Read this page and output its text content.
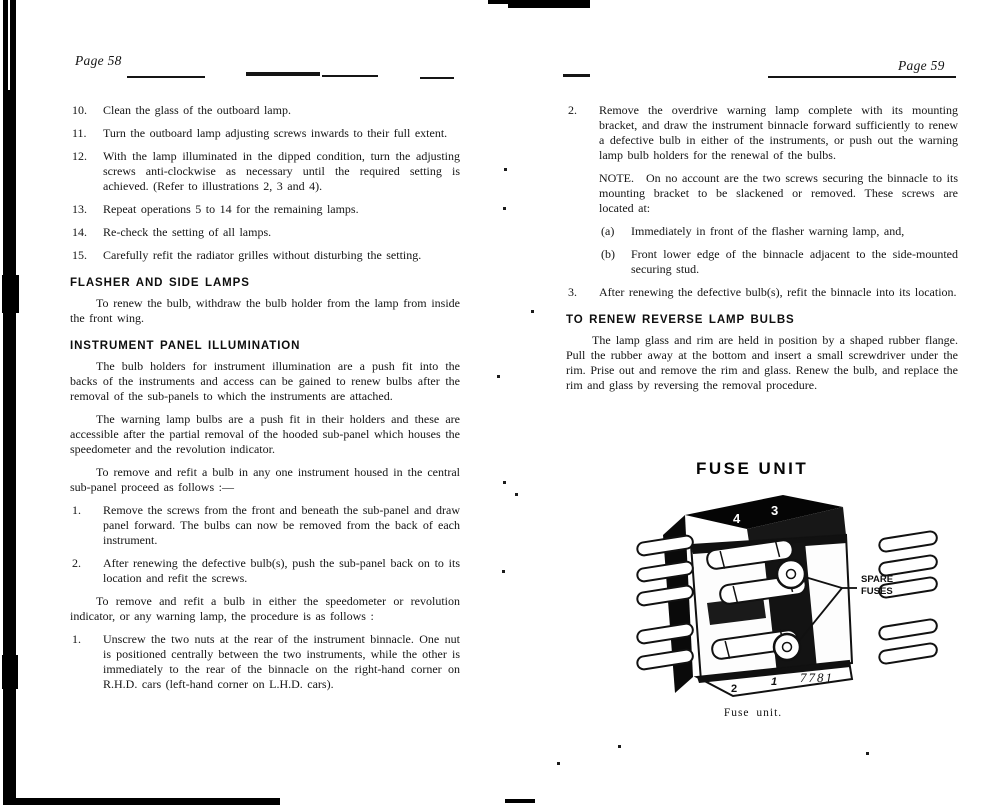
Page 58	Page 59
10. Clean the glass of the outboard lamp.
11. Turn the outboard lamp adjusting screws inwards to their full extent.
12. With the lamp illuminated in the dipped condition, turn the adjusting screws anti-clockwise as necessary until the required setting is achieved. (Refer to illustrations 2, 3 and 4).
13. Repeat operations 5 to 14 for the remaining lamps.
14. Re-check the setting of all lamps.
15. Carefully refit the radiator grilles without disturbing the setting.
FLASHER AND SIDE LAMPS
To renew the bulb, withdraw the bulb holder from the lamp from inside the front wing.
INSTRUMENT PANEL ILLUMINATION
The bulb holders for instrument illumination are a push fit into the backs of the instruments and access can be gained to renew bulbs after the removal of the sub-panels to which the instruments are attached.
The warning lamp bulbs are a push fit in their holders and these are accessible after the partial removal of the hooded sub-panel which houses the speedometer and the revolution indicator.
To remove and refit a bulb in any one instrument housed in the central sub-panel proceed as follows :—
1. Remove the screws from the front and beneath the sub-panel and draw panel forward. The bulbs can now be removed from the back of each instrument.
2. After renewing the defective bulb(s), push the sub-panel back on to its location and refit the screws.
To remove and refit a bulb in either the speedometer or revolution indicator, or any warning lamp, the procedure is as follows :
1. Unscrew the two nuts at the rear of the instrument binnacle. One nut is positioned centrally between the two instruments, while the other is immediately to the rear of the binnacle on the right-hand corner on R.H.D. cars (left-hand corner on L.H.D. cars).
2. Remove the overdrive warning lamp complete with its mounting bracket, and draw the instrument binnacle forward sufficiently to renew a defective bulb in either of the instruments, or push out the warning lamp bulb holders for the renewal of the bulbs.
NOTE.  On no account are the two screws securing the binnacle to its mounting bracket to be slackened or removed. These screws are located at:
(a) Immediately in front of the flasher warning lamp, and,
(b) Front lower edge of the binnacle adjacent to the side-mounted securing stud.
3. After renewing the defective bulb(s), refit the binnacle into its location.
TO RENEW REVERSE LAMP BULBS
The lamp glass and rim are held in position by a shaped rubber flange. Pull the rubber away at the bottom and insert a small screwdriver under the rim. Prise out and remove the rim and glass. Renew the bulb, and replace the rim and glass by reversing the removal procedure.
FUSE UNIT
4
3
SPARE
FUSES
7781
2
1
Fuse unit.
